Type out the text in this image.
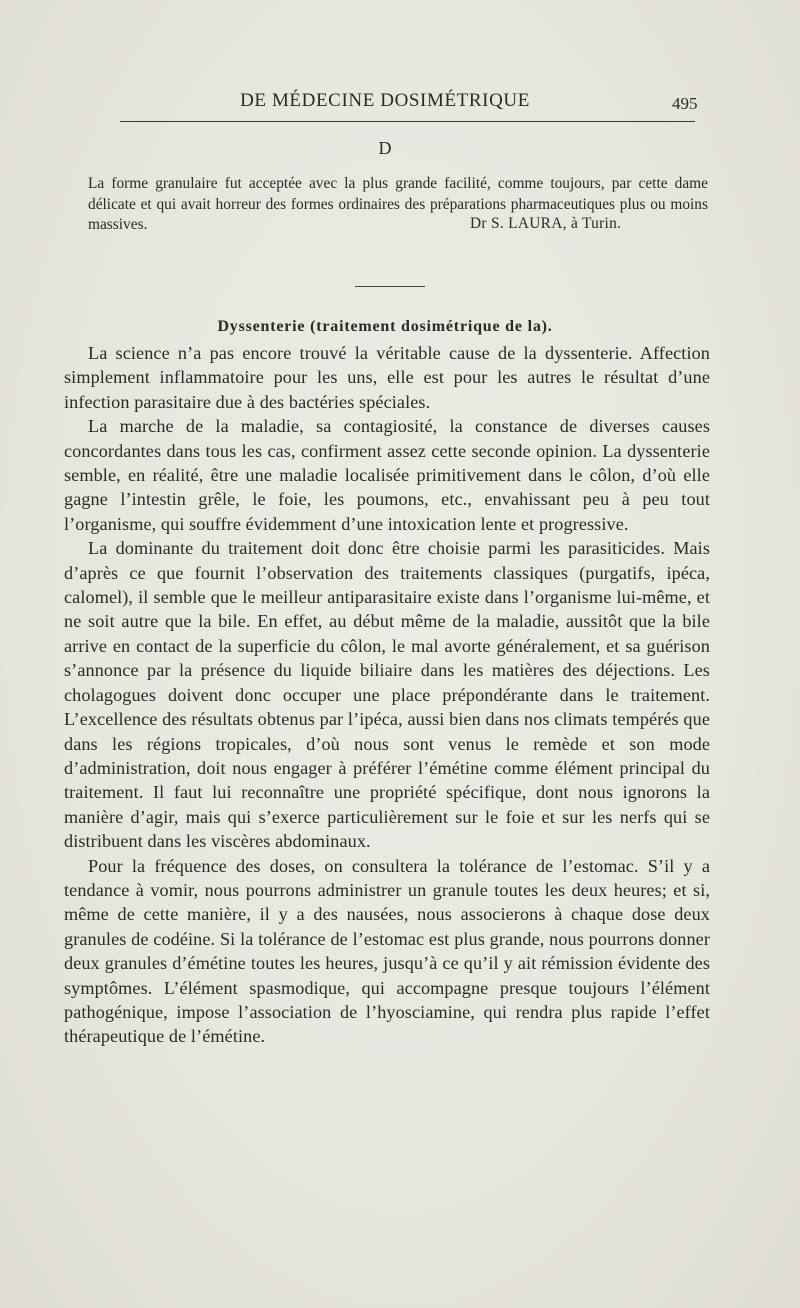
DE MÉDECINE DOSIMÉTRIQUE	495
D
La forme granulaire fut acceptée avec la plus grande facilité, comme toujours, par cette dame délicate et qui avait horreur des formes ordinaires des préparations pharmaceutiques plus ou moins massives.	Dr S. LAURA, à Turin.
Dyssenterie (traitement dosimétrique de la).

La science n’a pas encore trouvé la véritable cause de la dyssenterie. Affection simplement inflammatoire pour les uns, elle est pour les autres le résultat d’une infection parasitaire due à des bactéries spéciales.

La marche de la maladie, sa contagiosité, la constance de diverses causes concordantes dans tous les cas, confirment assez cette seconde opinion. La dyssenterie semble, en réalité, être une maladie localisée primitivement dans le côlon, d’où elle gagne l’intestin grêle, le foie, les poumons, etc., envahissant peu à peu tout l’organisme, qui souffre évidemment d’une intoxication lente et progressive.

La dominante du traitement doit donc être choisie parmi les parasiticides. Mais d’après ce que fournit l’observation des traitements classiques (purgatifs, ipéca, calomel), il semble que le meilleur antiparasitaire existe dans l’organisme lui-même, et ne soit autre que la bile. En effet, au début même de la maladie, aussitôt que la bile arrive en contact de la superficie du côlon, le mal avorte généralement, et sa guérison s’annonce par la présence du liquide biliaire dans les matières des déjections. Les cholagogues doivent donc occuper une place prépondérante dans le traitement. L’excellence des résultats obtenus par l’ipéca, aussi bien dans nos climats tempérés que dans les régions tropicales, d’où nous sont venus le remède et son mode d’administration, doit nous engager à préférer l’émétine comme élément principal du traitement. Il faut lui reconnaître une propriété spécifique, dont nous ignorons la manière d’agir, mais qui s’exerce particulièrement sur le foie et sur les nerfs qui se distribuent dans les viscères abdominaux.

Pour la fréquence des doses, on consultera la tolérance de l’estomac. S’il y a tendance à vomir, nous pourrons administrer un granule toutes les deux heures; et si, même de cette manière, il y a des nausées, nous associerons à chaque dose deux granules de codéine. Si la tolérance de l’estomac est plus grande, nous pourrons donner deux granules d’émétine toutes les heures, jusqu’à ce qu’il y ait rémission évidente des symptômes. L’élément spasmodique, qui accompagne presque toujours l’élément pathogénique, impose l’association de l’hyosciamine, qui rendra plus rapide l’effet thérapeutique de l’émétine.
